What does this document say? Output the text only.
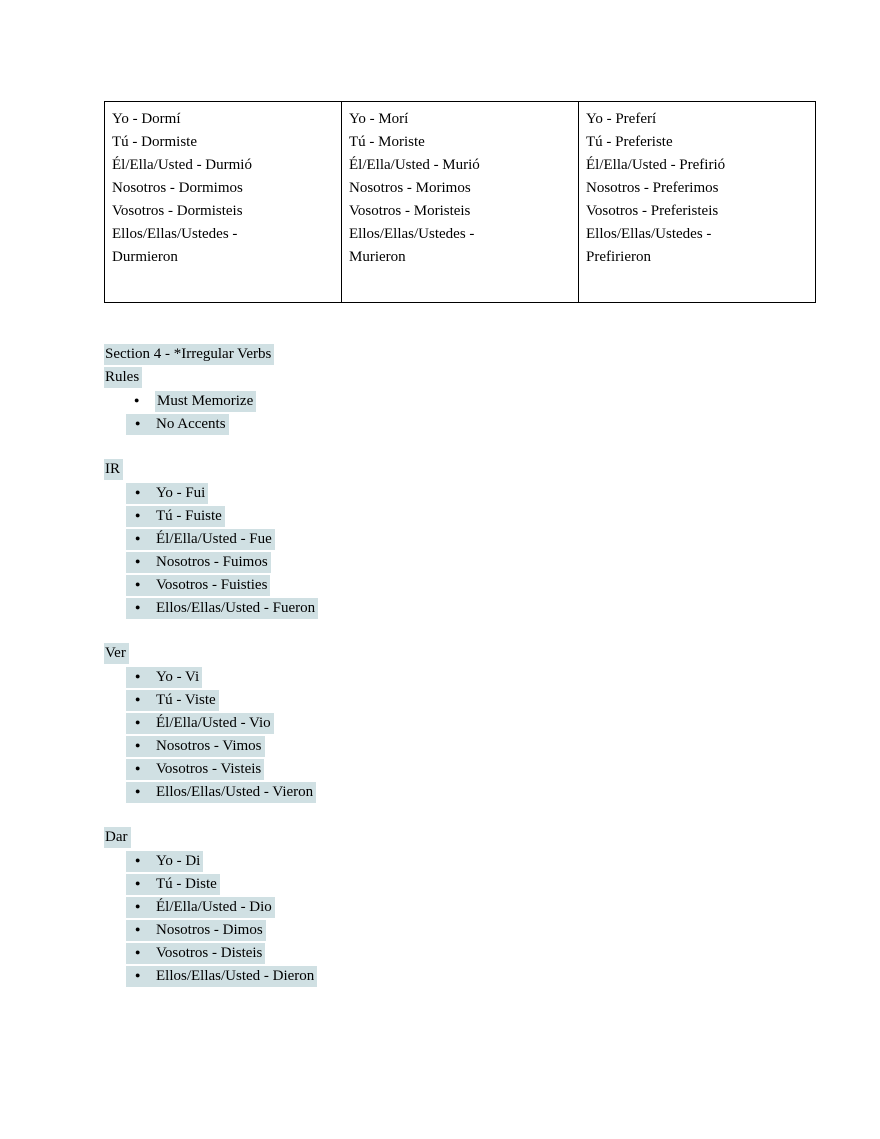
Yo - Dormí
Tú - Dormiste
Él/Ella/Usted - Durmió
Nosotros - Dormimos
Vosotros - Dormisteis
Ellos/Ellas/Ustedes -
Durmieron

Yo - Morí
Tú - Moriste
Él/Ella/Usted - Murió
Nosotros - Morimos
Vosotros - Moristeis
Ellos/Ellas/Ustedes -
Murieron

Yo - Preferí
Tú - Preferiste
Él/Ella/Usted - Prefirió
Nosotros - Preferimos
Vosotros - Preferisteis
Ellos/Ellas/Ustedes -
Prefirieron
Section 4 - *Irregular Verbs
Rules
● Must Memorize
● No Accents
IR
● Yo - Fui
● Tú - Fuiste
● Él/Ella/Usted - Fue
● Nosotros - Fuimos
● Vosotros - Fuisties
● Ellos/Ellas/Usted - Fueron
Ver
● Yo - Vi
● Tú - Viste
● Él/Ella/Usted - Vio
● Nosotros - Vimos
● Vosotros - Visteis
● Ellos/Ellas/Usted - Vieron
Dar
● Yo - Di
● Tú - Diste
● Él/Ella/Usted - Dio
● Nosotros - Dimos
● Vosotros - Disteis
● Ellos/Ellas/Usted - Dieron
